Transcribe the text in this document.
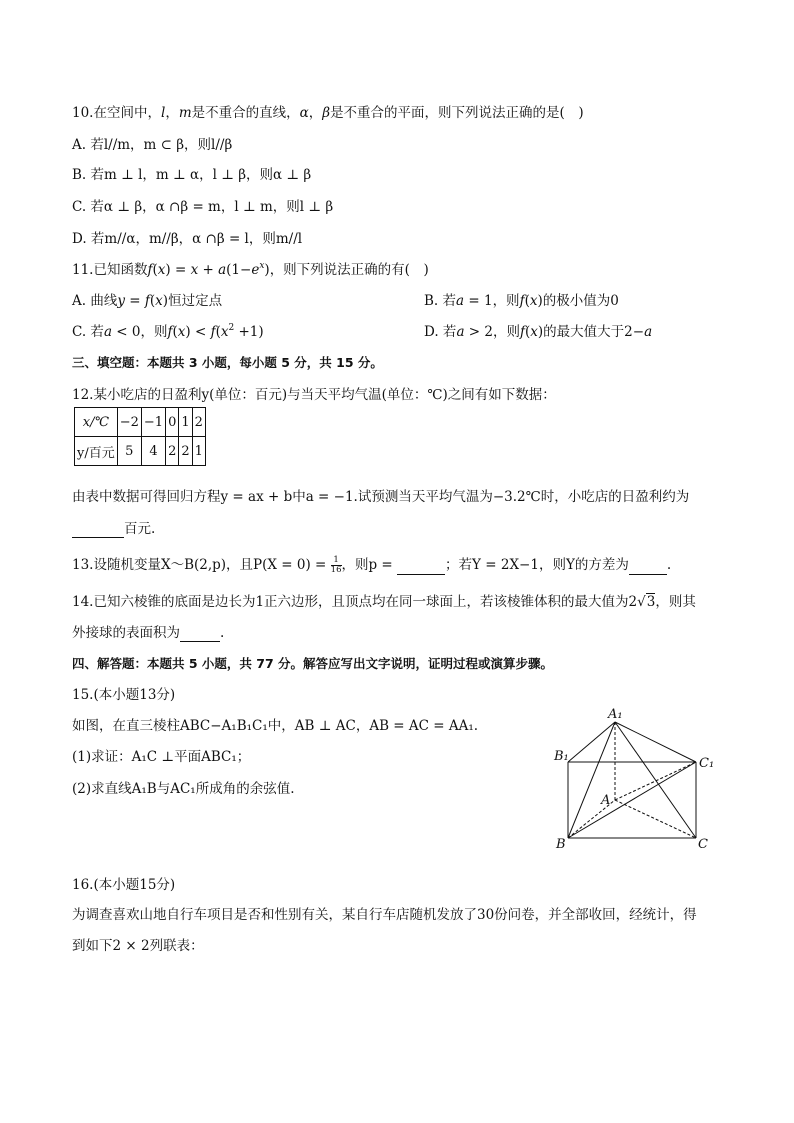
10.在空间中，l，m是不重合的直线，α，β是不重合的平面，则下列说法正确的是(　)
A. 若l//m，m ⊂ β，则l//β
B. 若m ⊥ l，m ⊥ α，l ⊥ β，则α ⊥ β
C. 若α ⊥ β，α ∩β = m，l ⊥ m，则l ⊥ β
D. 若m//α，m//β，α ∩β = l，则m//l
11.已知函数$f(x) = x + a(1-e^x)$，则下列说法正确的有(　)
A. 曲线y = f(x)恒过定点	B. 若a = 1，则f(x)的极小值为0
C. 若a < 0，则$f(x) < f(x^2 +1)$	D. 若a > 2，则f(x)的最大值大于2−a
三、填空题：本题共 3 小题，每小题 5 分，共 15 分。
12.某小吃店的日盈利y(单位：百元)与当天平均气温(单位：℃)之间有如下数据：
x/℃	−2	−1	0	1	2
y/百元	5	4	2	2	1
由表中数据可得回归方程y = ax + b中a = −1.试预测当天平均气温为−3.2℃时，小吃店的日盈利约为
百元.
13.设随机变量X～B(2,p)，且$P(X = 0) = \frac{1}{16}$ ，则p =	；若Y = 2X−1，则Y的方差为	.
14.已知六棱锥的底面是边长为1正六边形，且顶点均在同一球面上，若该棱锥体积的最大值为2√3，则其
外接球的表面积为	.
四、解答题：本题共 5 小题，共 77 分。解答应写出文字说明，证明过程或演算步骤。
15.(本小题13分)
如图，在直三棱柱ABC−A₁B₁C₁中，AB ⊥ AC，AB = AC = AA₁.
(1)求证：A₁C ⊥平面ABC₁；
(2)求直线A₁B与AC₁所成角的余弦值.
A₁
B₁	C₁
A
B	C
16.(本小题15分)
为调查喜欢山地自行车项目是否和性别有关，某自行车店随机发放了30份问卷，并全部收回，经统计，得
到如下2 × 2列联表：
